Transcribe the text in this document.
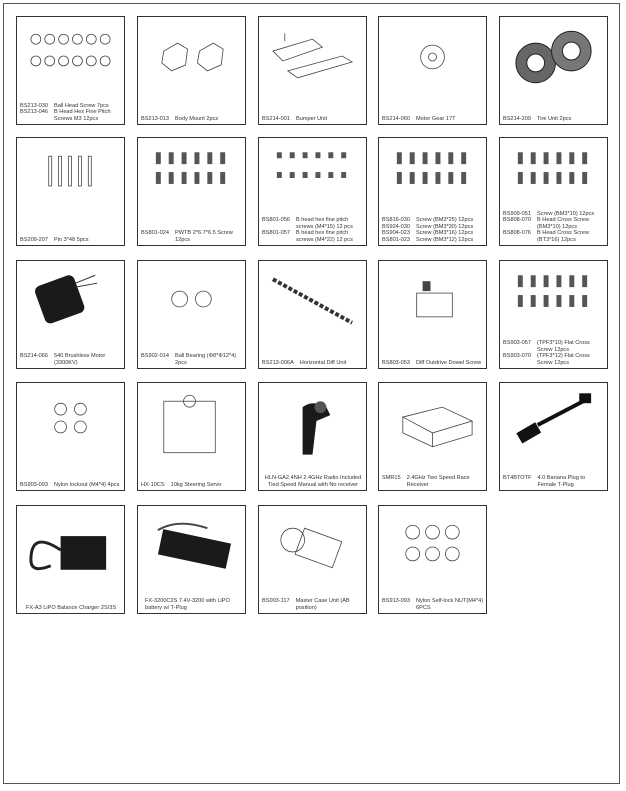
BS213-030	Ball Head Screw 7pcs
BS213-046	B Head Hex Fine Pitch Screws M3 12pcs	BS213-013	Body Mount 2pcs	BS214-001	Bumper Unit	BS214-060	Motor Gear 17T	BS214-209	Tire Unit 2pcs
BS209-207	Pin 3*48 5pcs
BS801-024	PWTB 2*6.7*6.5 Screw 12pcs
BS801-056	B head hex fine pitch screws (M4*15) 12 pcs
BS801-057	B head hex fine pitch screws (M4*22) 12 pcs
BS816-030	Screw (BM3*25) 12pcs
BS924-030	Screw (BM3*30) 12pcs
BS904-023	Screw (BM3*16) 12pcs
BS801-023	Screw (BM3*12) 12pcs
BS909-051	Screw (BM3*10) 12pcs
BS808-070	B Head Cross Screw (BM3*10) 12pcs
BS808-076	B Head Cross Screw (BT3*16) 12pcs
BS214-066	540 Brushless Motor (3300KV)
BS902-014	Ball Bearing (Φ8*Φ12*4) 2pcs	BS213-006A	Horizontal Diff Unit	BS803-053	Diff Outdrive Dowel Screw
BS903-057	(TPF3*10) Flat Cross Screw 12pcs
BS903-070	(TPF3*12) Flat Cross Screw 12pcs
BS903-093	Nylon lockout (M4*4) 4pcs	HX-10CS	10kg Steering Servo
HLN-GA2.4NH 2.4GHz Radio Included Tied Speed Manual with No receiver
SMR15	2.4GHz Two Speed Race Receiver
BT4BTOTF	4.0 Banana Plug to Female T-Plug
FX-A3 LiPO Balance Charger 2S/3S
FX-3200C2S 7.4V-3200 with LiPO battery w/ T-Plug
BS003-117	Master Case Unit (AB position)
BS913-093	Nylon Self-lock NUT(M4*4) 6PCS
